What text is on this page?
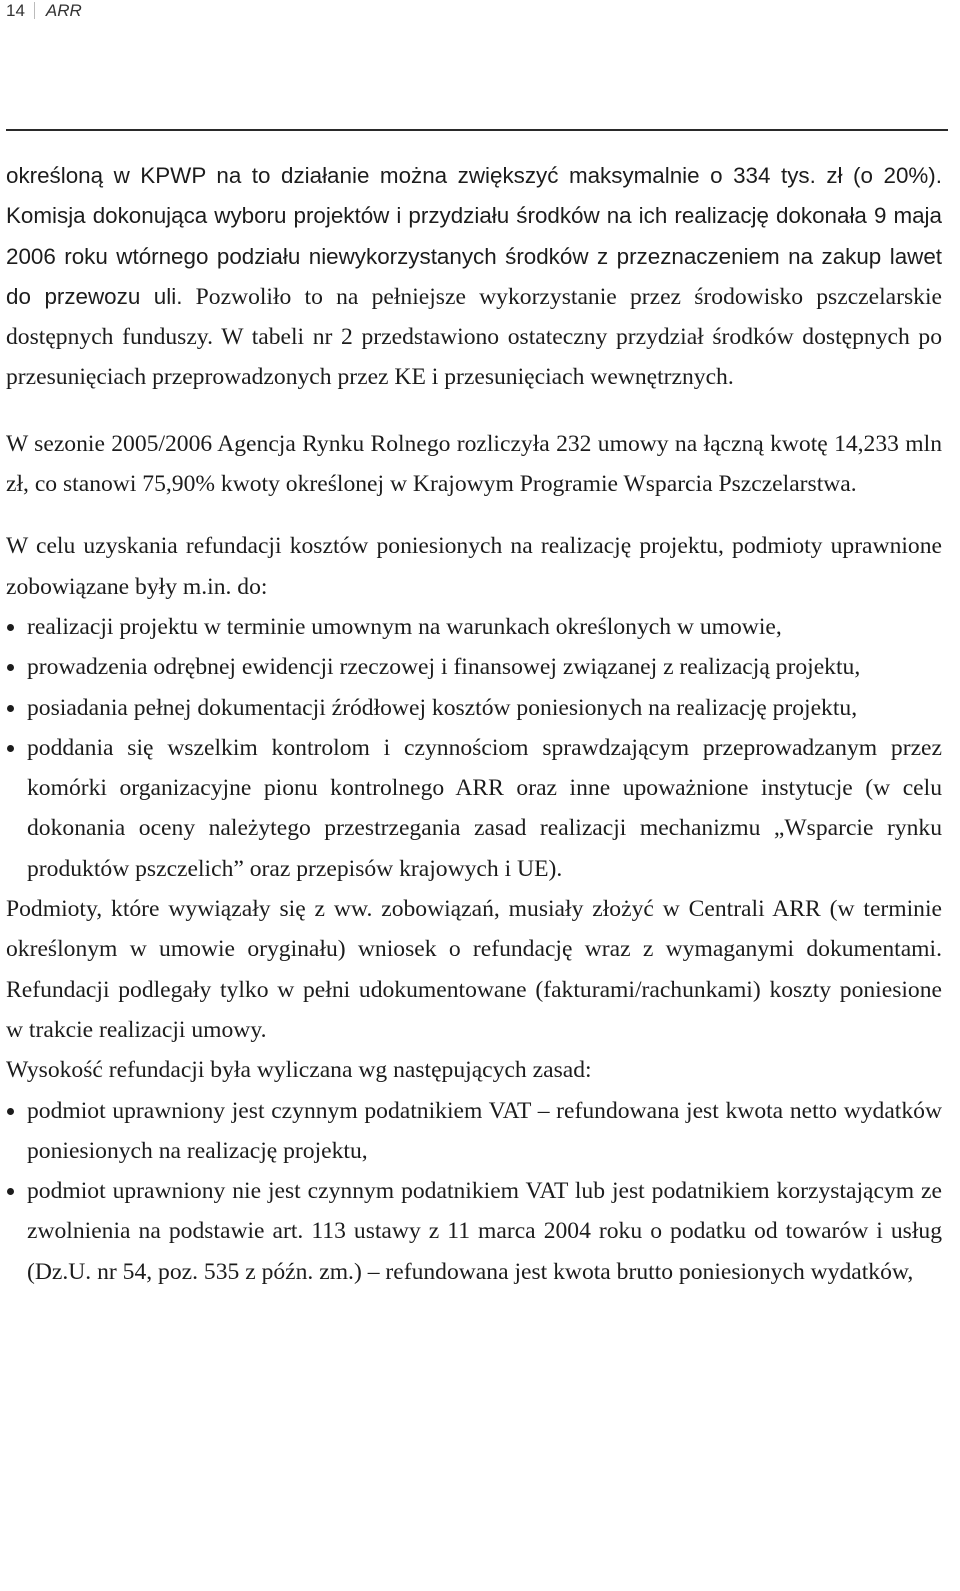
14 ARR

określoną w KPWP na to działanie można zwiększyć maksymalnie o 334 tys. zł (o 20%). Komisja dokonująca wyboru projektów i przydziału środków na ich realizację dokonała 9 maja 2006 roku wtórnego podziału niewykorzystanych środków z przeznaczeniem na zakup lawet do przewozu uli. Pozwoliło to na pełniejsze wykorzystanie przez środowisko pszczelarskie dostępnych funduszy. W tabeli nr 2 przedstawiono ostateczny przydział środków dostępnych po przesunięciach przeprowadzonych przez KE i przesunięciach wewnętrznych.

W sezonie 2005/2006 Agencja Rynku Rolnego rozliczyła 232 umowy na łączną kwotę 14,233 mln zł, co stanowi 75,90% kwoty określonej w Krajowym Programie Wsparcia Pszczelarstwa.

W celu uzyskania refundacji kosztów poniesionych na realizację projektu, podmioty uprawnione zobowiązane były m.in. do:

realizacji projektu w terminie umownym na warunkach określonych w umowie,
prowadzenia odrębnej ewidencji rzeczowej i finansowej związanej z realizacją projektu,
posiadania pełnej dokumentacji źródłowej kosztów poniesionych na realizację projektu,
poddania się wszelkim kontrolom i czynnościom sprawdzającym przeprowadzanym przez komórki organizacyjne pionu kontrolnego ARR oraz inne upoważnione instytucje (w celu dokonania oceny należytego przestrzegania zasad realizacji mechanizmu „Wsparcie rynku produktów pszczelich” oraz przepisów krajowych i UE).

Podmioty, które wywiązały się z ww. zobowiązań, musiały złożyć w Centrali ARR (w terminie określonym w umowie oryginału) wniosek o refundację wraz z wymaganymi dokumentami. Refundacji podlegały tylko w pełni udokumentowane (fakturami/rachunkami) koszty poniesione w trakcie realizacji umowy.

Wysokość refundacji była wyliczana wg następujących zasad:

podmiot uprawniony jest czynnym podatnikiem VAT – refundowana jest kwota netto wydatków poniesionych na realizację projektu,
podmiot uprawniony nie jest czynnym podatnikiem VAT lub jest podatnikiem korzystającym ze zwolnienia na podstawie art. 113 ustawy z 11 marca 2004 roku o podatku od towarów i usług (Dz.U. nr 54, poz. 535 z późn. zm.) – refundowana jest kwota brutto poniesionych wydatków,
